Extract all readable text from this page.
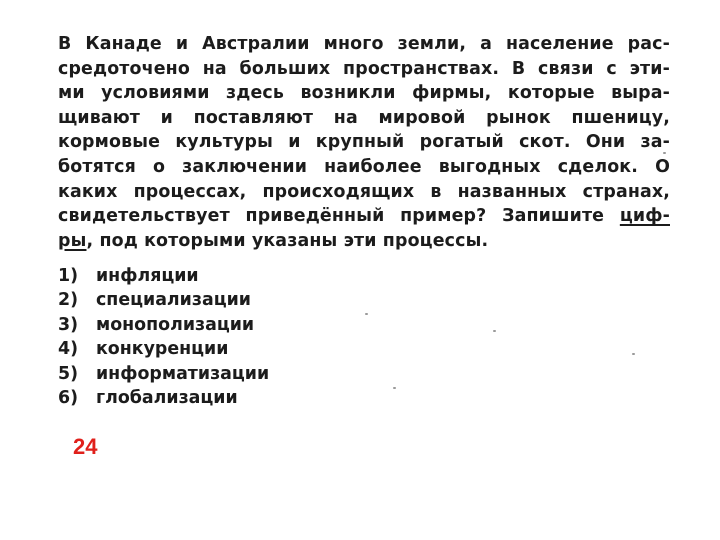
В Канаде и Австралии много земли, а население рас-
средоточено на больших пространствах. В связи с эти-
ми условиями здесь возникли фирмы, которые выра-
щивают и поставляют на мировой рынок пшеницу,
кормовые культуры и крупный рогатый скот. Они за-
ботятся о заключении наиболее выгодных сделок. О
каких процессах, происходящих в названных странах,
свидетельствует приведённый пример? Запишите циф-
ры, под которыми указаны эти процессы.
1)	инфляции
2)	специализации
3)	монополизации
4)	конкуренции
5)	информатизации
6)	глобализации
24
